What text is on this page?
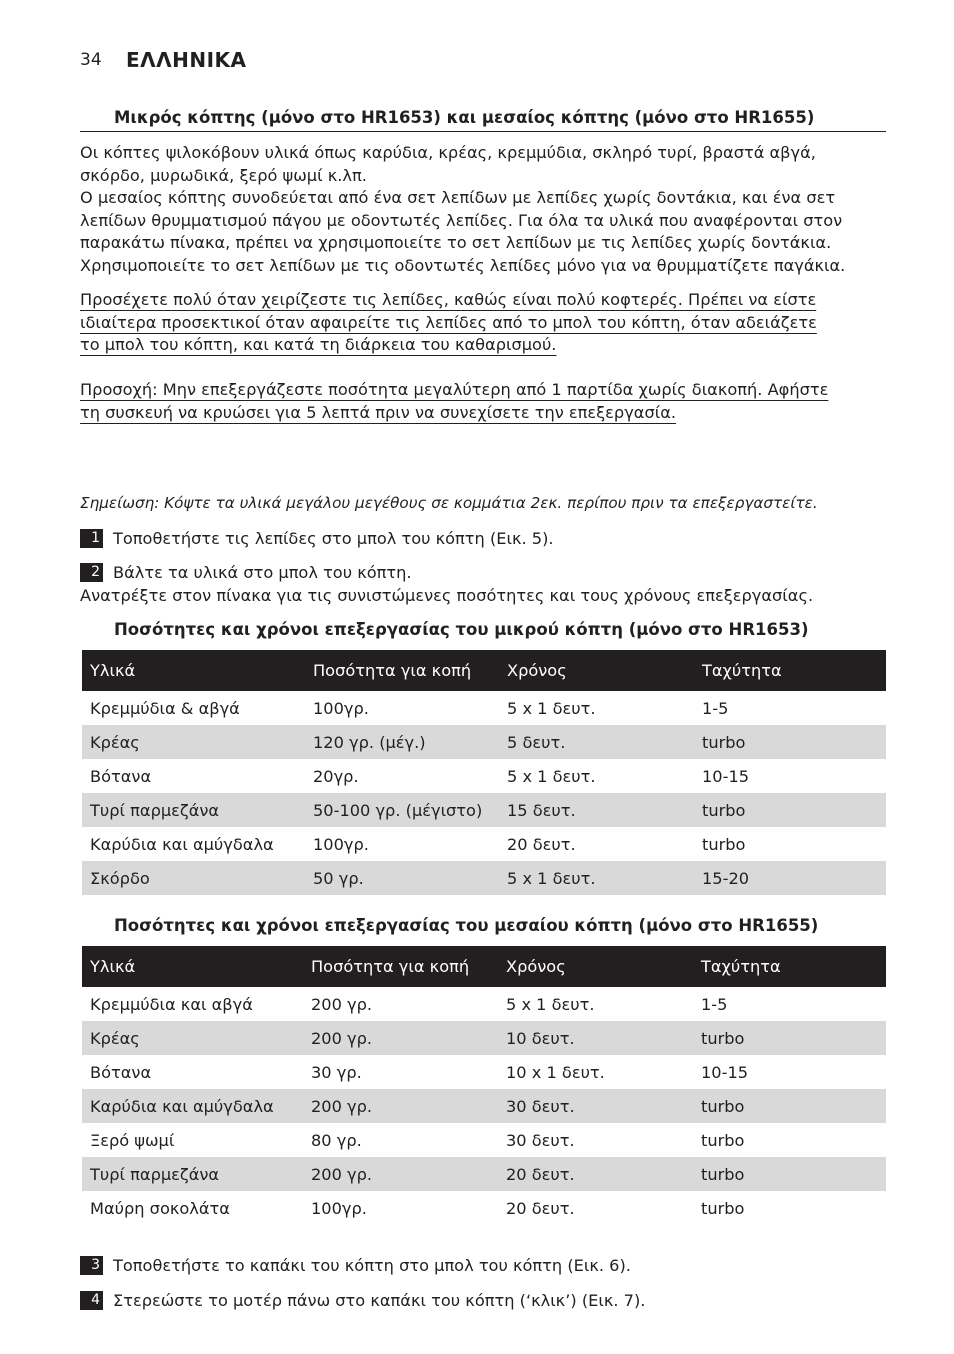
34 ΕΛΛΗΝΙΚΑ
Μικρός κόπτης (μόνο στο HR1653) και μεσαίος κόπτης (μόνο στο HR1655)
Οι κόπτες ψιλοκόβουν υλικά όπως καρύδια, κρέας, κρεμμύδια, σκληρό τυρί, βραστά αβγά,
σκόρδο, μυρωδικά, ξερό ψωμί κ.λπ.
Ο μεσαίος κόπτης συνοδεύεται από ένα σετ λεπίδων με λεπίδες χωρίς δοντάκια, και ένα σετ
λεπίδων θρυμματισμού πάγου με οδοντωτές λεπίδες. Για όλα τα υλικά που αναφέρονται στον
παρακάτω πίνακα, πρέπει να χρησιμοποιείτε το σετ λεπίδων με τις λεπίδες χωρίς δοντάκια.
Χρησιμοποιείτε το σετ λεπίδων με τις οδοντωτές λεπίδες μόνο για να θρυμματίζετε παγάκια.
Προσέχετε πολύ όταν χειρίζεστε τις λεπίδες, καθώς είναι πολύ κοφτερές. Πρέπει να είστε
ιδιαίτερα προσεκτικοί όταν αφαιρείτε τις λεπίδες από το μπολ του κόπτη, όταν αδειάζετε
το μπολ του κόπτη, και κατά τη διάρκεια του καθαρισμού.
Προσοχή: Μην επεξεργάζεστε ποσότητα μεγαλύτερη από 1 παρτίδα χωρίς διακοπή. Αφήστε
τη συσκευή να κρυώσει για 5 λεπτά πριν να συνεχίσετε την επεξεργασία.
Σημείωση: Κόψτε τα υλικά μεγάλου μεγέθους σε κομμάτια 2εκ. περίπου πριν τα επεξεργαστείτε.
1 Τοποθετήστε τις λεπίδες στο μπολ του κόπτη (Εικ. 5).
2 Βάλτε τα υλικά στο μπολ του κόπτη.
Ανατρέξτε στον πίνακα για τις συνιστώμενες ποσότητες και τους χρόνους επεξεργασίας.
Ποσότητες και χρόνοι επεξεργασίας του μικρού κόπτη (μόνο στο HR1653)
Υλικά	Ποσότητα για κοπή	Χρόνος	Ταχύτητα
Κρεμμύδια & αβγά	100γρ.	5 x 1 δευτ.	1-5
Κρέας	120 γρ. (μέγ.)	5 δευτ.	turbo
Βότανα	20γρ.	5 x 1 δευτ.	10-15
Τυρί παρμεζάνα	50-100 γρ. (μέγιστο)	15 δευτ.	turbo
Καρύδια και αμύγδαλα	100γρ.	20 δευτ.	turbo
Σκόρδο	50 γρ.	5 x 1 δευτ.	15-20
Ποσότητες και χρόνοι επεξεργασίας του μεσαίου κόπτη (μόνο στο HR1655)
Υλικά	Ποσότητα για κοπή	Χρόνος	Ταχύτητα
Κρεμμύδια και αβγά	200 γρ.	5 x 1 δευτ.	1-5
Κρέας	200 γρ.	10 δευτ.	turbo
Βότανα	30 γρ.	10 x 1 δευτ.	10-15
Καρύδια και αμύγδαλα	200 γρ.	30 δευτ.	turbo
Ξερό ψωμί	80 γρ.	30 δευτ.	turbo
Τυρί παρμεζάνα	200 γρ.	20 δευτ.	turbo
Μαύρη σοκολάτα	100γρ.	20 δευτ.	turbo
3 Τοποθετήστε το καπάκι του κόπτη στο μπολ του κόπτη (Εικ. 6).
4 Στερεώστε το μοτέρ πάνω στο καπάκι του κόπτη (‘κλικ’) (Εικ. 7).
